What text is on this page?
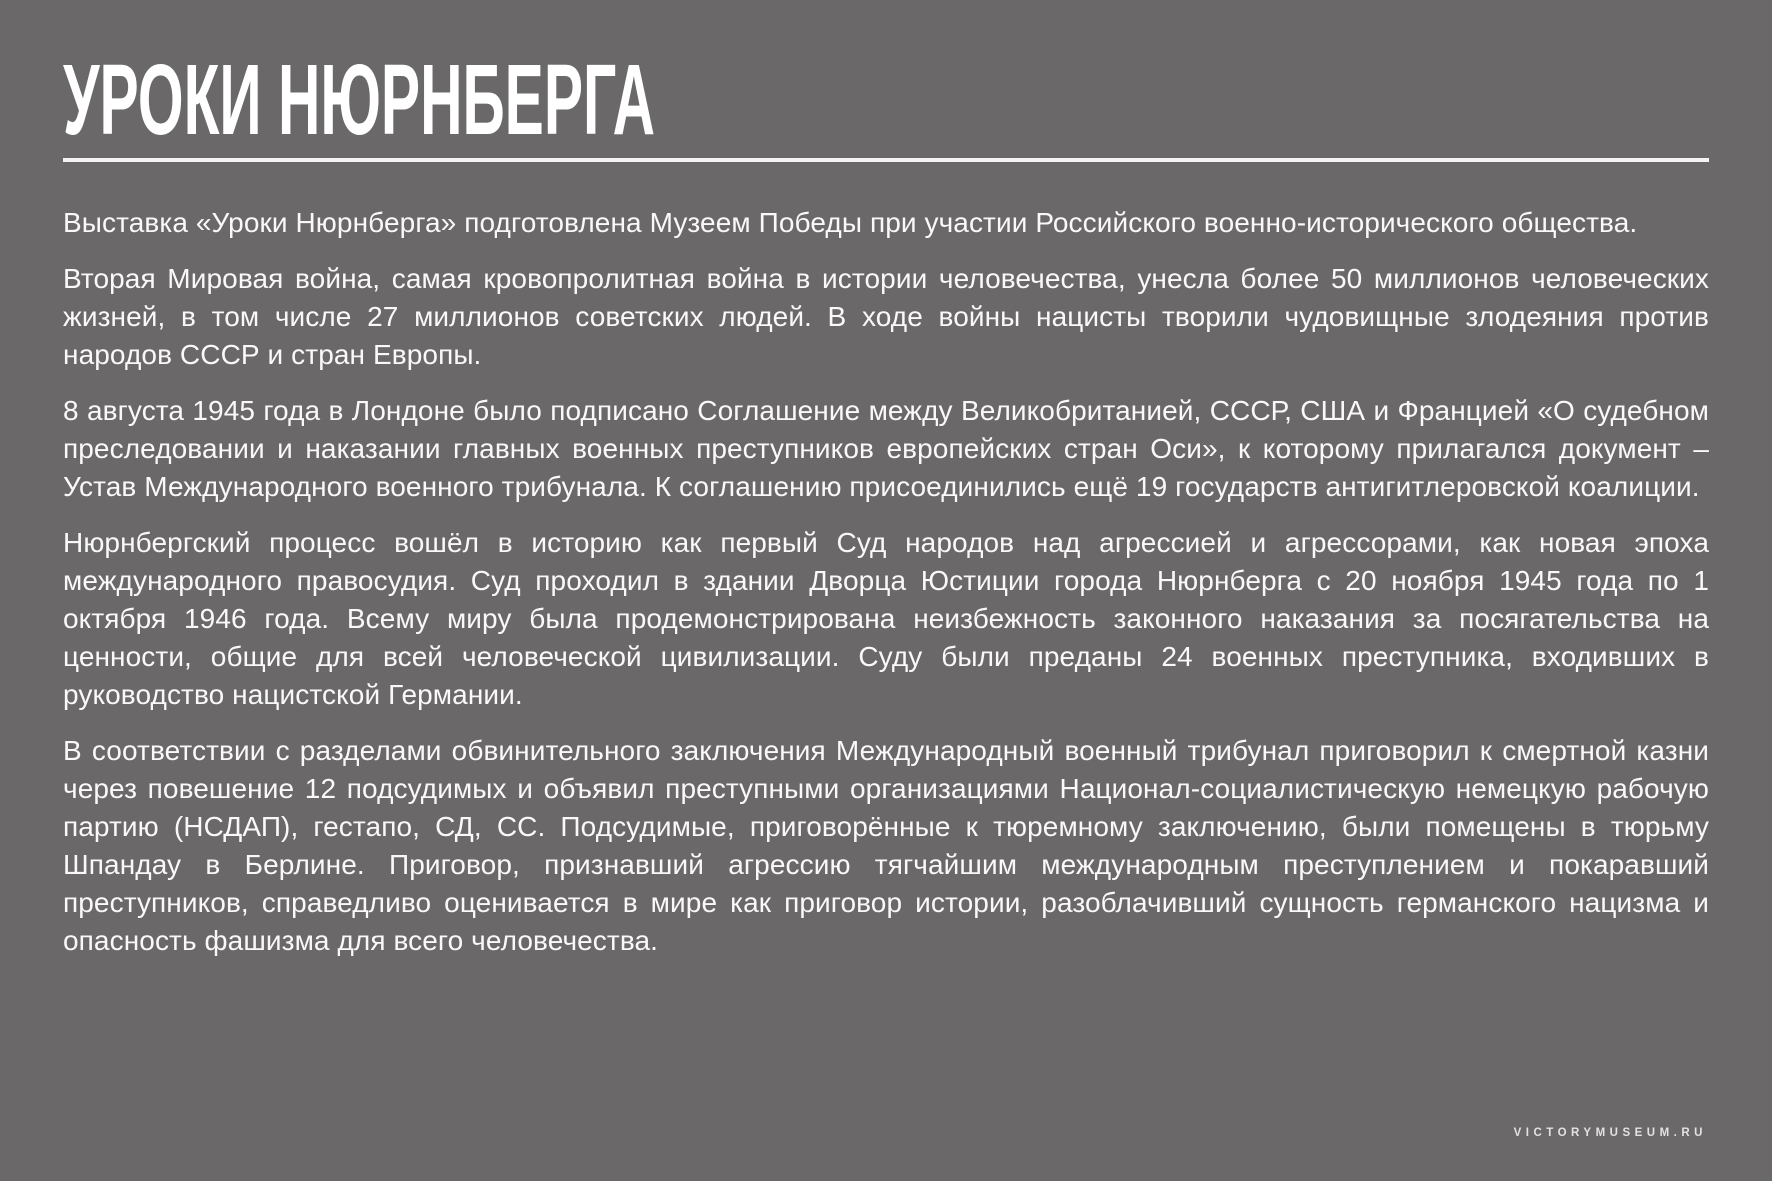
УРОКИ НЮРНБЕРГА

Выставка «Уроки Нюрнберга» подготовлена Музеем Победы при участии Российского военно-исторического общества.

Вторая Мировая война, самая кровопролитная война в истории человечества, унесла более 50 миллионов человеческих жизней, в том числе 27 миллионов советских людей. В ходе войны нацисты творили чудовищные злодеяния против народов СССР и стран Европы.

8 августа 1945 года в Лондоне было подписано Соглашение между Великобританией, СССР, США и Францией «О судебном преследовании и наказании главных военных преступников европейских стран Оси», к которому прилагался документ – Устав Международного военного трибунала. К соглашению присоединились ещё 19 государств антигитлеровской коалиции.

Нюрнбергский процесс вошёл в историю как первый Суд народов над агрессией и агрессорами, как новая эпоха международного правосудия. Суд проходил в здании Дворца Юстиции города Нюрнберга с 20 ноября 1945 года по 1 октября 1946 года. Всему миру была продемонстрирована неизбежность законного наказания за посягательства на ценности, общие для всей человеческой цивилизации. Суду были преданы 24 военных преступника, входивших в руководство нацистской Германии.

В соответствии с разделами обвинительного заключения Международный военный трибунал приговорил к смертной казни через повешение 12 подсудимых и объявил преступными организациями Национал-социалистическую немецкую рабочую партию (НСДАП), гестапо, СД, СС. Подсудимые, приговорённые к тюремному заключению, были помещены в тюрьму Шпандау в Берлине. Приговор, признавший агрессию тягчайшим международным преступлением и покаравший преступников, справедливо оценивается в мире как приговор истории, разоблачивший сущность германского нацизма и опасность фашизма для всего человечества.

VICTORYMUSEUM.RU
